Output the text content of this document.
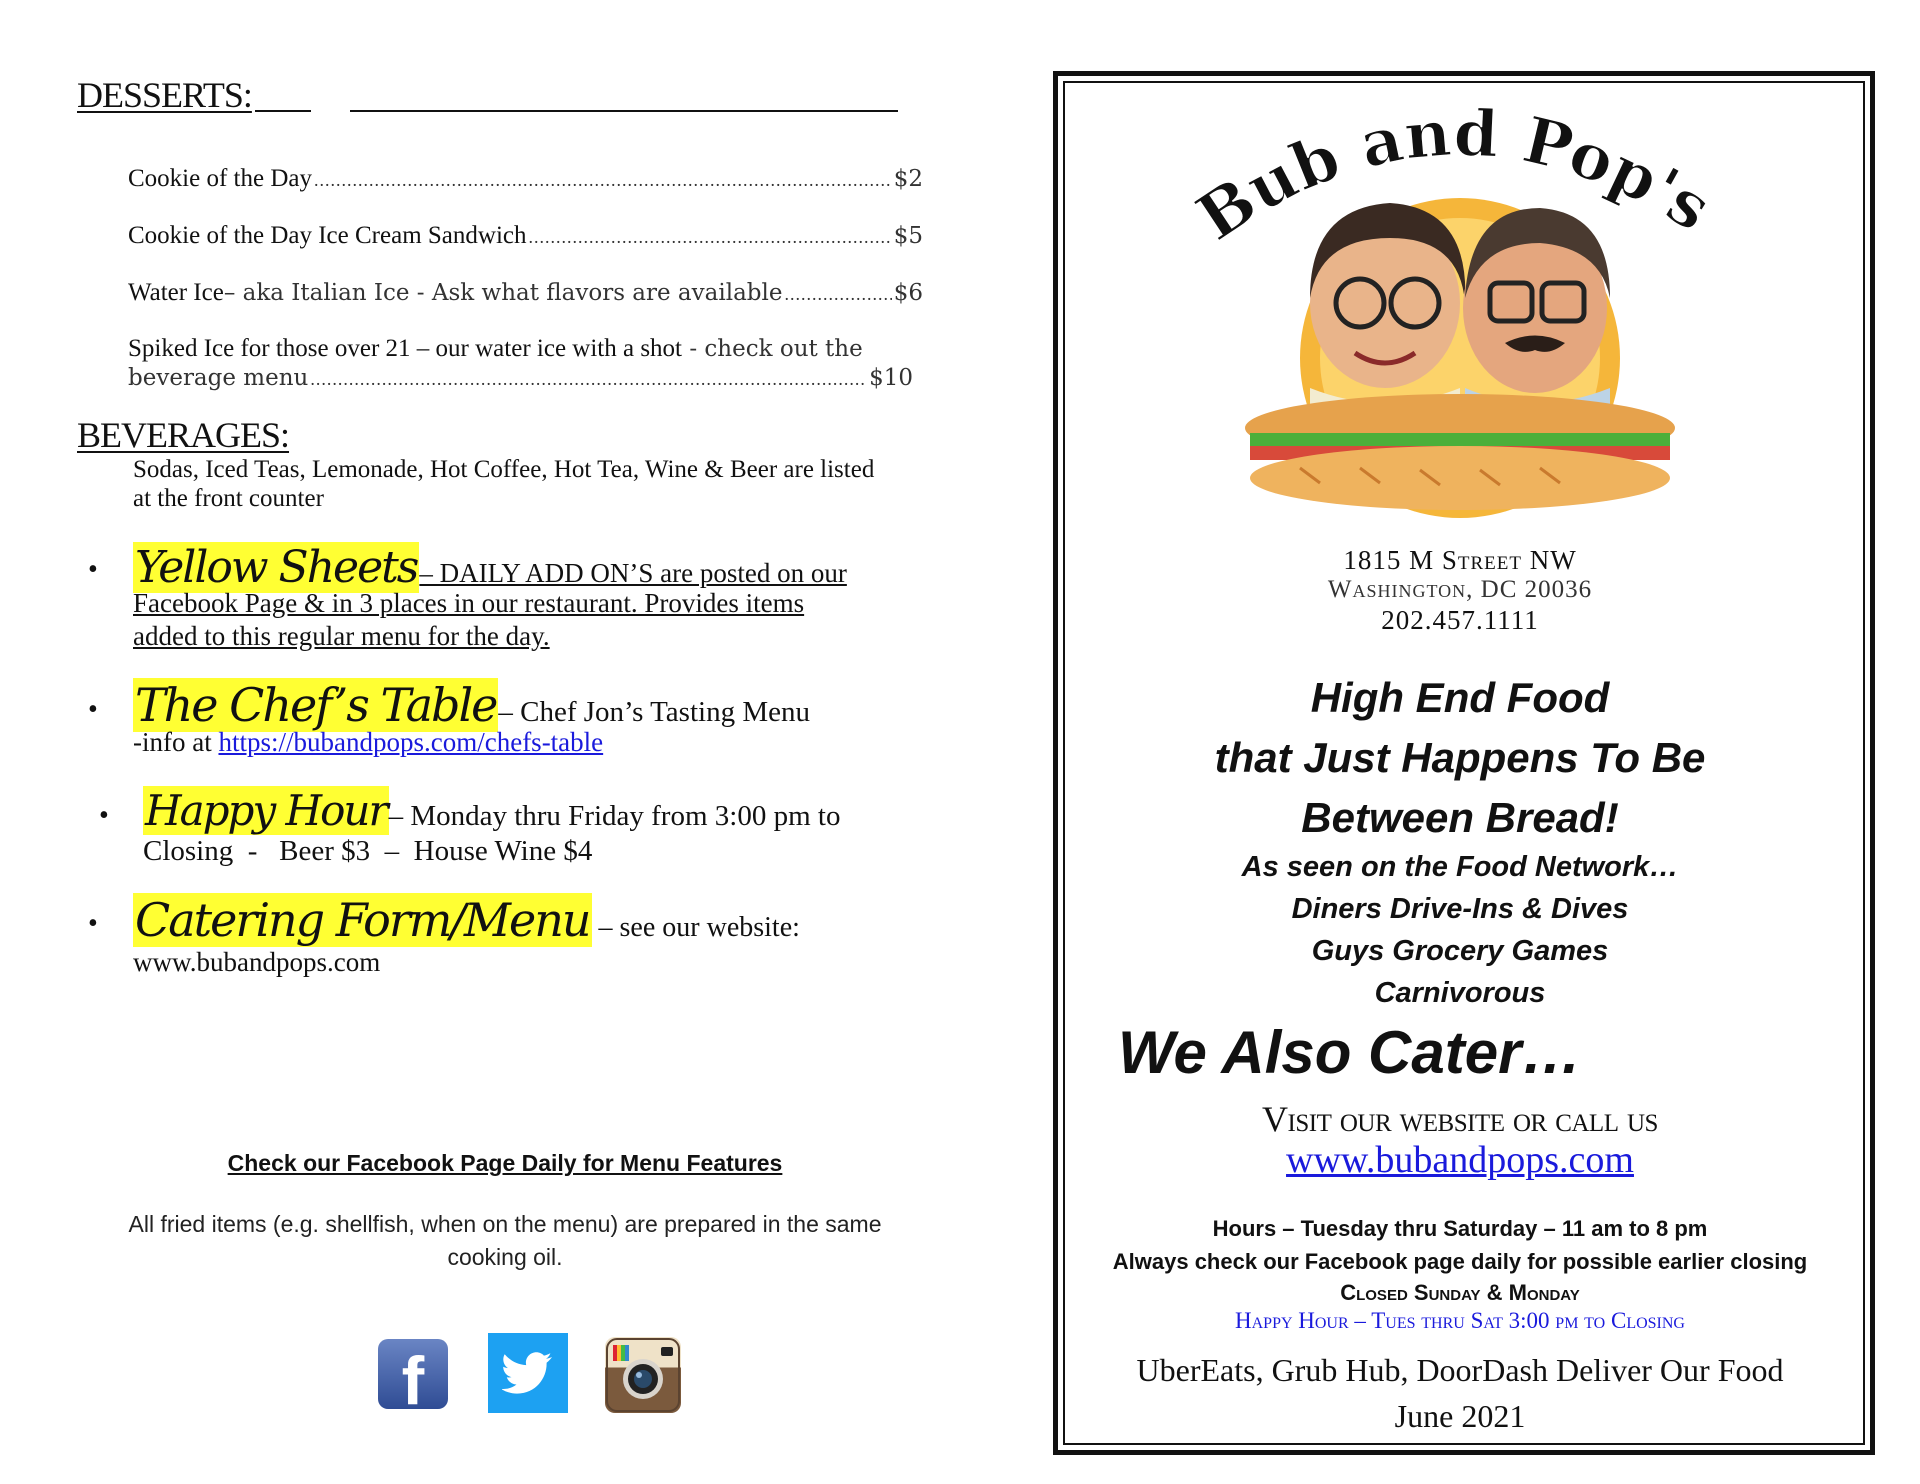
DESSERTS:
Cookie of the Day .....	$2
Cookie of the Day Ice Cream Sandwich .....	$5
Water Ice – aka Italian Ice - Ask what flavors are available .....	$6
Spiked Ice for those over 21 – our water ice with a shot - check out the
beverage menu .....	$10
BEVERAGES:
Sodas, Iced Teas, Lemonade, Hot Coffee, Hot Tea, Wine & Beer are listed
at the front counter
• Yellow Sheets– DAILY ADD ON’S are posted on our
Facebook Page & in 3 places in our restaurant. Provides items
added to this regular menu for the day.
• The Chef’s Table– Chef Jon’s Tasting Menu
-info at https://bubandpops.com/chefs-table
• Happy Hour– Monday thru Friday from 3:00 pm to
Closing  -   Beer $3  –  House Wine $4
• Catering Form/Menu – see our website:
www.bubandpops.com
Check our Facebook Page Daily for Menu Features
All fried items (e.g. shellfish, when on the menu) are prepared in the same
cooking oil.
f
Bub and Pop's
1815 M Street NW
Washington, DC 20036
202.457.1111
High End Food
that Just Happens To Be
Between Bread!
As seen on the Food Network…
Diners Drive-Ins & Dives
Guys Grocery Games
Carnivorous
We Also Cater…
Visit our website or call us
www.bubandpops.com
Hours – Tuesday thru Saturday – 11 am to 8 pm
Always check our Facebook page daily for possible earlier closing
Closed Sunday & Monday
Happy Hour – Tues thru Sat 3:00 pm to Closing
UberEats, Grub Hub, DoorDash Deliver Our Food
June 2021
